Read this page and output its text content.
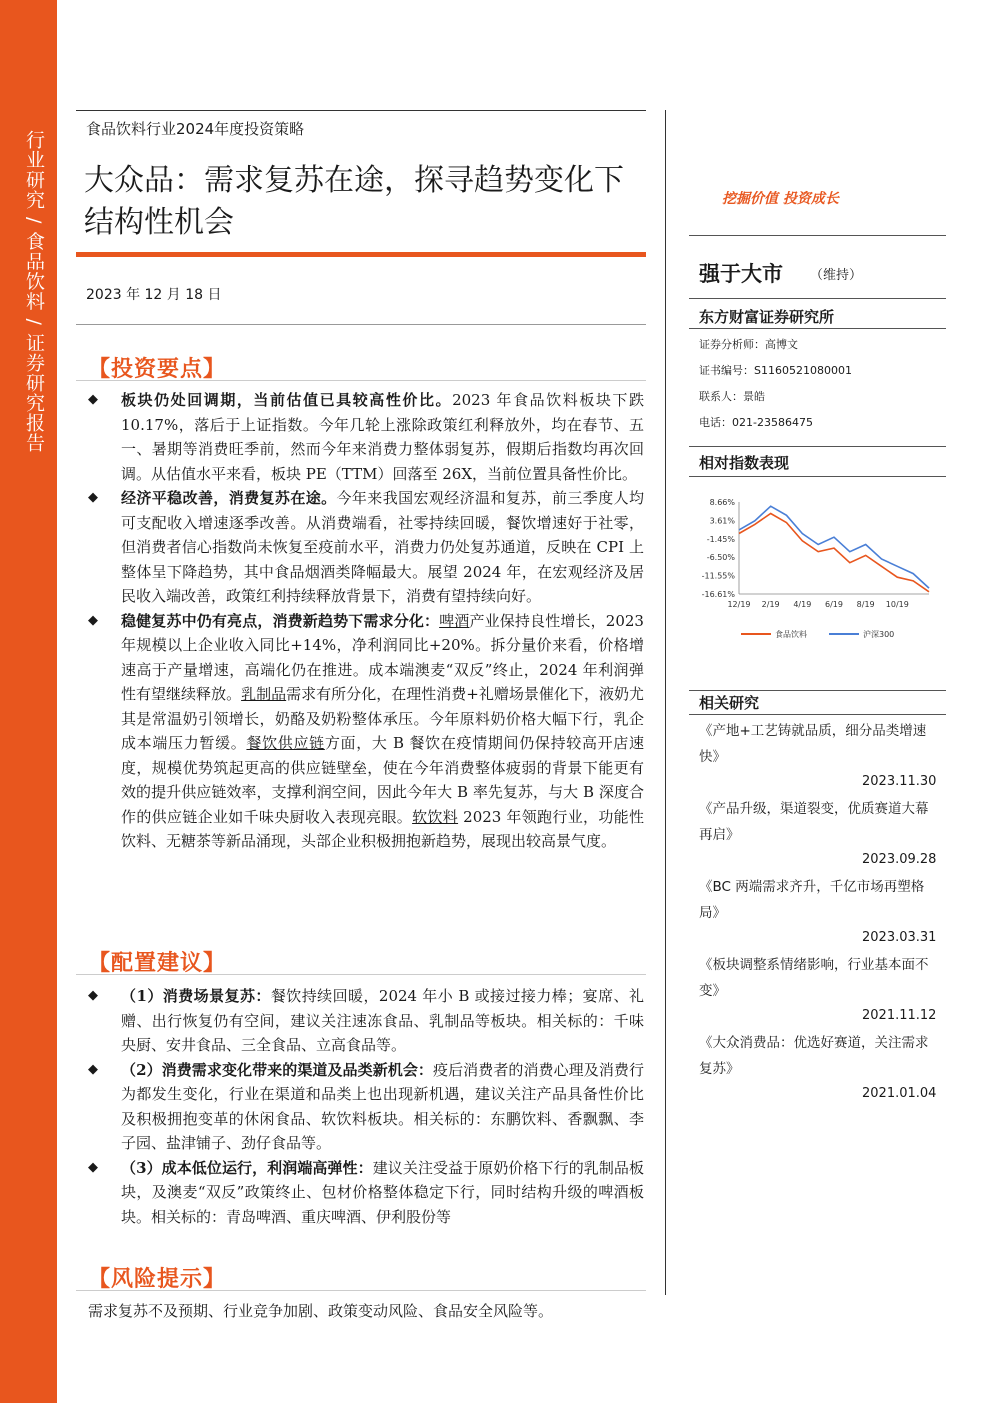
行业研究 / 食品饮料 / 证券研究报告
食品饮料行业2024年度投资策略
大众品：需求复苏在途，探寻趋势变化下结构性机会
2023 年 12 月 18 日
【投资要点】
◆ 板块仍处回调期，当前估值已具较高性价比。2023 年食品饮料板块下跌 10.17%，落后于上证指数。今年几轮上涨除政策红利释放外，均在春节、五一、暑期等消费旺季前，然而今年来消费力整体弱复苏，假期后指数均再次回调。从估值水平来看，板块 PE（TTM）回落至 26X，当前位置具备性价比。
◆ 经济平稳改善，消费复苏在途。今年来我国宏观经济温和复苏，前三季度人均可支配收入增速逐季改善。从消费端看，社零持续回暖，餐饮增速好于社零，但消费者信心指数尚未恢复至疫前水平，消费力仍处复苏通道，反映在 CPI 上整体呈下降趋势，其中食品烟酒类降幅最大。展望 2024 年，在宏观经济及居民收入端改善，政策红利持续释放背景下，消费有望持续向好。
◆ 稳健复苏中仍有亮点，消费新趋势下需求分化：啤酒产业保持良性增长，2023 年规模以上企业收入同比+14%，净利润同比+20%。拆分量价来看，价格增速高于产量增速，高端化仍在推进。成本端澳麦“双反”终止，2024 年利润弹性有望继续释放。乳制品需求有所分化，在理性消费+礼赠场景催化下，液奶尤其是常温奶引领增长，奶酪及奶粉整体承压。今年原料奶价格大幅下行，乳企成本端压力暂缓。餐饮供应链方面，大 B 餐饮在疫情期间仍保持较高开店速度，规模优势筑起更高的供应链壁垒，使在今年消费整体疲弱的背景下能更有效的提升供应链效率，支撑利润空间，因此今年大 B 率先复苏，与大 B 深度合作的供应链企业如千味央厨收入表现亮眼。软饮料 2023 年领跑行业，功能性饮料、无糖茶等新品涌现，头部企业积极拥抱新趋势，展现出较高景气度。
【配置建议】
◆ （1）消费场景复苏：餐饮持续回暖，2024 年小 B 或接过接力棒；宴席、礼赠、出行恢复仍有空间，建议关注速冻食品、乳制品等板块。相关标的：千味央厨、安井食品、三全食品、立高食品等。
◆ （2）消费需求变化带来的渠道及品类新机会：疫后消费者的消费心理及消费行为都发生变化，行业在渠道和品类上也出现新机遇，建议关注产品具备性价比及积极拥抱变革的休闲食品、软饮料板块。相关标的：东鹏饮料、香飘飘、李子园、盐津铺子、劲仔食品等。
◆ （3）成本低位运行，利润端高弹性：建议关注受益于原奶价格下行的乳制品板块，及澳麦“双反”政策终止、包材价格整体稳定下行，同时结构升级的啤酒板块。相关标的：青岛啤酒、重庆啤酒、伊利股份等
【风险提示】
需求复苏不及预期、行业竞争加剧、政策变动风险、食品安全风险等。
挖掘价值 投资成长
强于大市 （维持）
东方财富证券研究所
证券分析师：高博文
证书编号：S1160521080001
联系人：景皓
电话：021-23586475
相对指数表现
8.66%
3.61%
-1.45%
-6.50%
-11.55%
-16.61%
12/19 2/19 4/19 6/19 8/19 10/19
食品饮料	沪深300
相关研究
《产地+工艺铸就品质，细分品类增速快》
2023.11.30
《产品升级，渠道裂变，优质赛道大幕再启》
2023.09.28
《BC 两端需求齐升，千亿市场再塑格局》
2023.03.31
《板块调整系情绪影响，行业基本面不变》
2021.11.12
《大众消费品：优选好赛道，关注需求复苏》
2021.01.04
